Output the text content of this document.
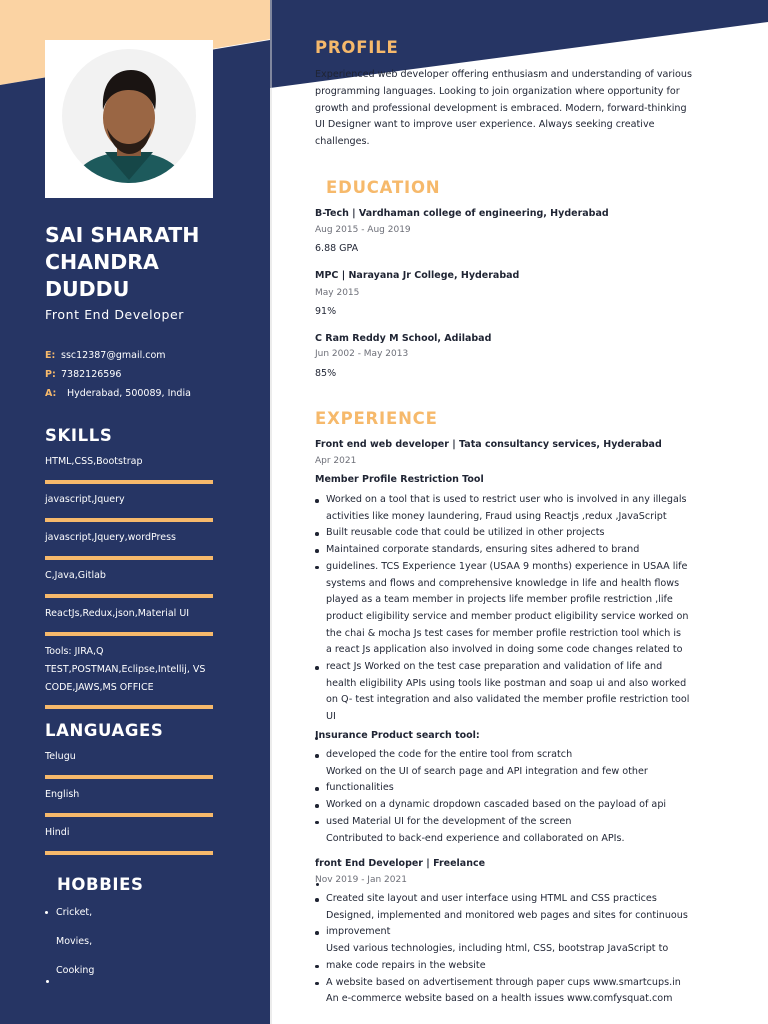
SAI SHARATH
CHANDRA
DUDDU
Front End Developer
E: ssc12387@gmail.com
P: 7382126596
A:	Hyderabad, 500089, India
SKILLS
HTML,CSS,Bootstrap
javascript,Jquery
javascript,Jquery,wordPress
C,Java,Gitlab
ReactJs,Redux,json,Material UI
Tools: JIRA,Q TEST,POSTMAN,Eclipse,Intellij, VS CODE,JAWS,MS OFFICE
LANGUAGES
Telugu
English
Hindi
HOBBIES
Cricket,
Movies,
Cooking
PROFILE
Experienced web developer offering enthusiasm and understanding of various
programming languages. Looking to join organization where opportunity for
growth and professional development is embraced. Modern, forward-thinking
UI Designer want to improve user experience. Always seeking creative
challenges.
EDUCATION
B-Tech | Vardhaman college of engineering, Hyderabad
Aug 2015 - Aug 2019
6.88 GPA
MPC | Narayana Jr College, Hyderabad
May 2015
91%
C Ram Reddy M School, Adilabad
Jun 2002 - May 2013
85%
EXPERIENCE
Front end web developer | Tata consultancy services, Hyderabad
Apr 2021
Member Profile Restriction Tool
Worked on a tool that is used to restrict user who is involved in any illegals
activities like money laundering, Fraud using Reactjs ,redux ,JavaScript
Built reusable code that could be utilized in other projects
Maintained corporate standards, ensuring sites adhered to brand
guidelines. TCS Experience 1year (USAA 9 months) experience in USAA life
systems and flows and comprehensive knowledge in life and health flows
played as a team member in projects life member profile restriction ,life
product eligibility service and member product eligibility service worked on
the chai & mocha Js test cases for member profile restriction tool which is
a react Js application also involved in doing some code changes related to
react Js Worked on the test case preparation and validation of life and
health eligibility APIs using tools like postman and soap ui and also worked
on Q- test integration and also validated the member profile restriction tool
UI
Insurance Product search tool:
developed the code for the entire tool from scratch
Worked on the UI of search page and API integration and few other
functionalities
Worked on a dynamic dropdown cascaded based on the payload of api
used Material UI for the development of the screen
Contributed to back-end experience and collaborated on APIs.
front End Developer | Freelance
Nov 2019 - Jan 2021
Created site layout and user interface using HTML and CSS practices
Designed, implemented and monitored web pages and sites for continuous
improvement
Used various technologies, including html, CSS, bootstrap JavaScript to
make code repairs in the website
A website based on advertisement through paper cups www.smartcups.in
An e-commerce website based on a health issues www.comfysquat.com
